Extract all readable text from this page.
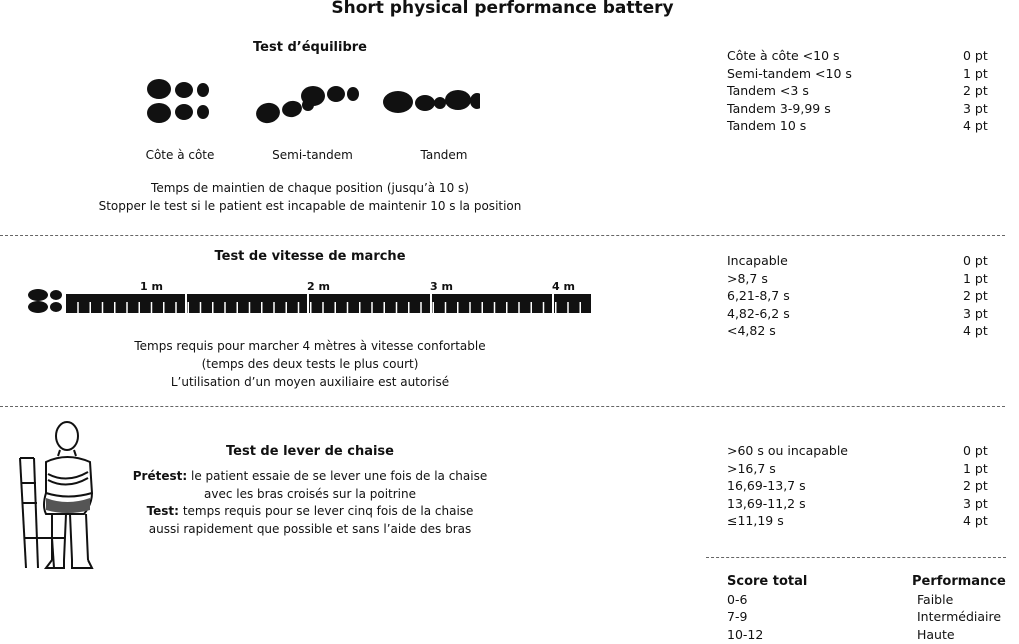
Short physical performance battery
Test d’équilibre
Côte à côte	Semi-tandem	Tandem
Temps de maintien de chaque position (jusqu’à 10 s)
Stopper le test si le patient est incapable de maintenir 10 s la position
Côte à côte <10 s	0 pt
Semi-tandem <10 s	1 pt
Tandem <3 s	2 pt
Tandem 3-9,99 s	3 pt
Tandem 10 s	4 pt
Test de vitesse de marche
1 m	2 m	3 m	4 m
Temps requis pour marcher 4 mètres à vitesse confortable
(temps des deux tests le plus court)
L’utilisation d’un moyen auxiliaire est autorisé
Incapable	0 pt
>8,7 s	1 pt
6,21-8,7 s	2 pt
4,82-6,2 s	3 pt
<4,82 s	4 pt
Test de lever de chaise
Prétest: le patient essaie de se lever une fois de la chaise
avec les bras croisés sur la poitrine
Test: temps requis pour se lever cinq fois de la chaise
aussi rapidement que possible et sans l’aide des bras
>60 s ou incapable	0 pt
>16,7 s	1 pt
16,69-13,7 s	2 pt
13,69-11,2 s	3 pt
≤11,19 s	4 pt
Score total	Performance
0-6	Faible
7-9	Intermédiaire
10-12	Haute
